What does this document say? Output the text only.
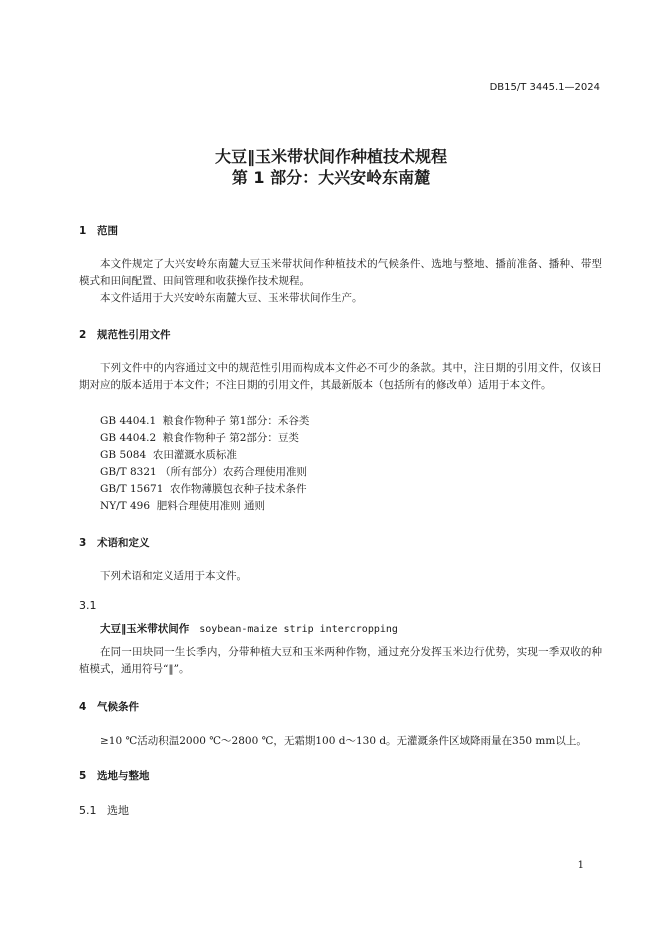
DB15/T 3445.1—2024
大豆‖玉米带状间作种植技术规程
第 1 部分：大兴安岭东南麓
1 范围

本文件规定了大兴安岭东南麓大豆玉米带状间作种植技术的气候条件、选地与整地、播前准备、播种、带型模式和田间配置、田间管理和收获操作技术规程。

本文件适用于大兴安岭东南麓大豆、玉米带状间作生产。

2 规范性引用文件

下列文件中的内容通过文中的规范性引用而构成本文件必不可少的条款。其中，注日期的引用文件，仅该日期对应的版本适用于本文件；不注日期的引用文件，其最新版本（包括所有的修改单）适用于本文件。

GB 4404.1  粮食作物种子 第1部分：禾谷类
GB 4404.2  粮食作物种子 第2部分：豆类
GB 5084  农田灌溉水质标准
GB/T 8321 （所有部分）农药合理使用准则
GB/T 15671  农作物薄膜包衣种子技术条件
NY/T 496  肥料合理使用准则 通则
3 术语和定义

下列术语和定义适用于本文件。

3.1
大豆‖玉米带状间作 soybean-maize strip intercropping

在同一田块同一生长季内，分带种植大豆和玉米两种作物，通过充分发挥玉米边行优势，实现一季双收的种植模式，通用符号“‖”。

4 气候条件

≥10 ℃活动积温2000 ℃～2800 ℃，无霜期100 d～130 d。无灌溉条件区域降雨量在350 mm以上。

5 选地与整地
5.1 选地
1
